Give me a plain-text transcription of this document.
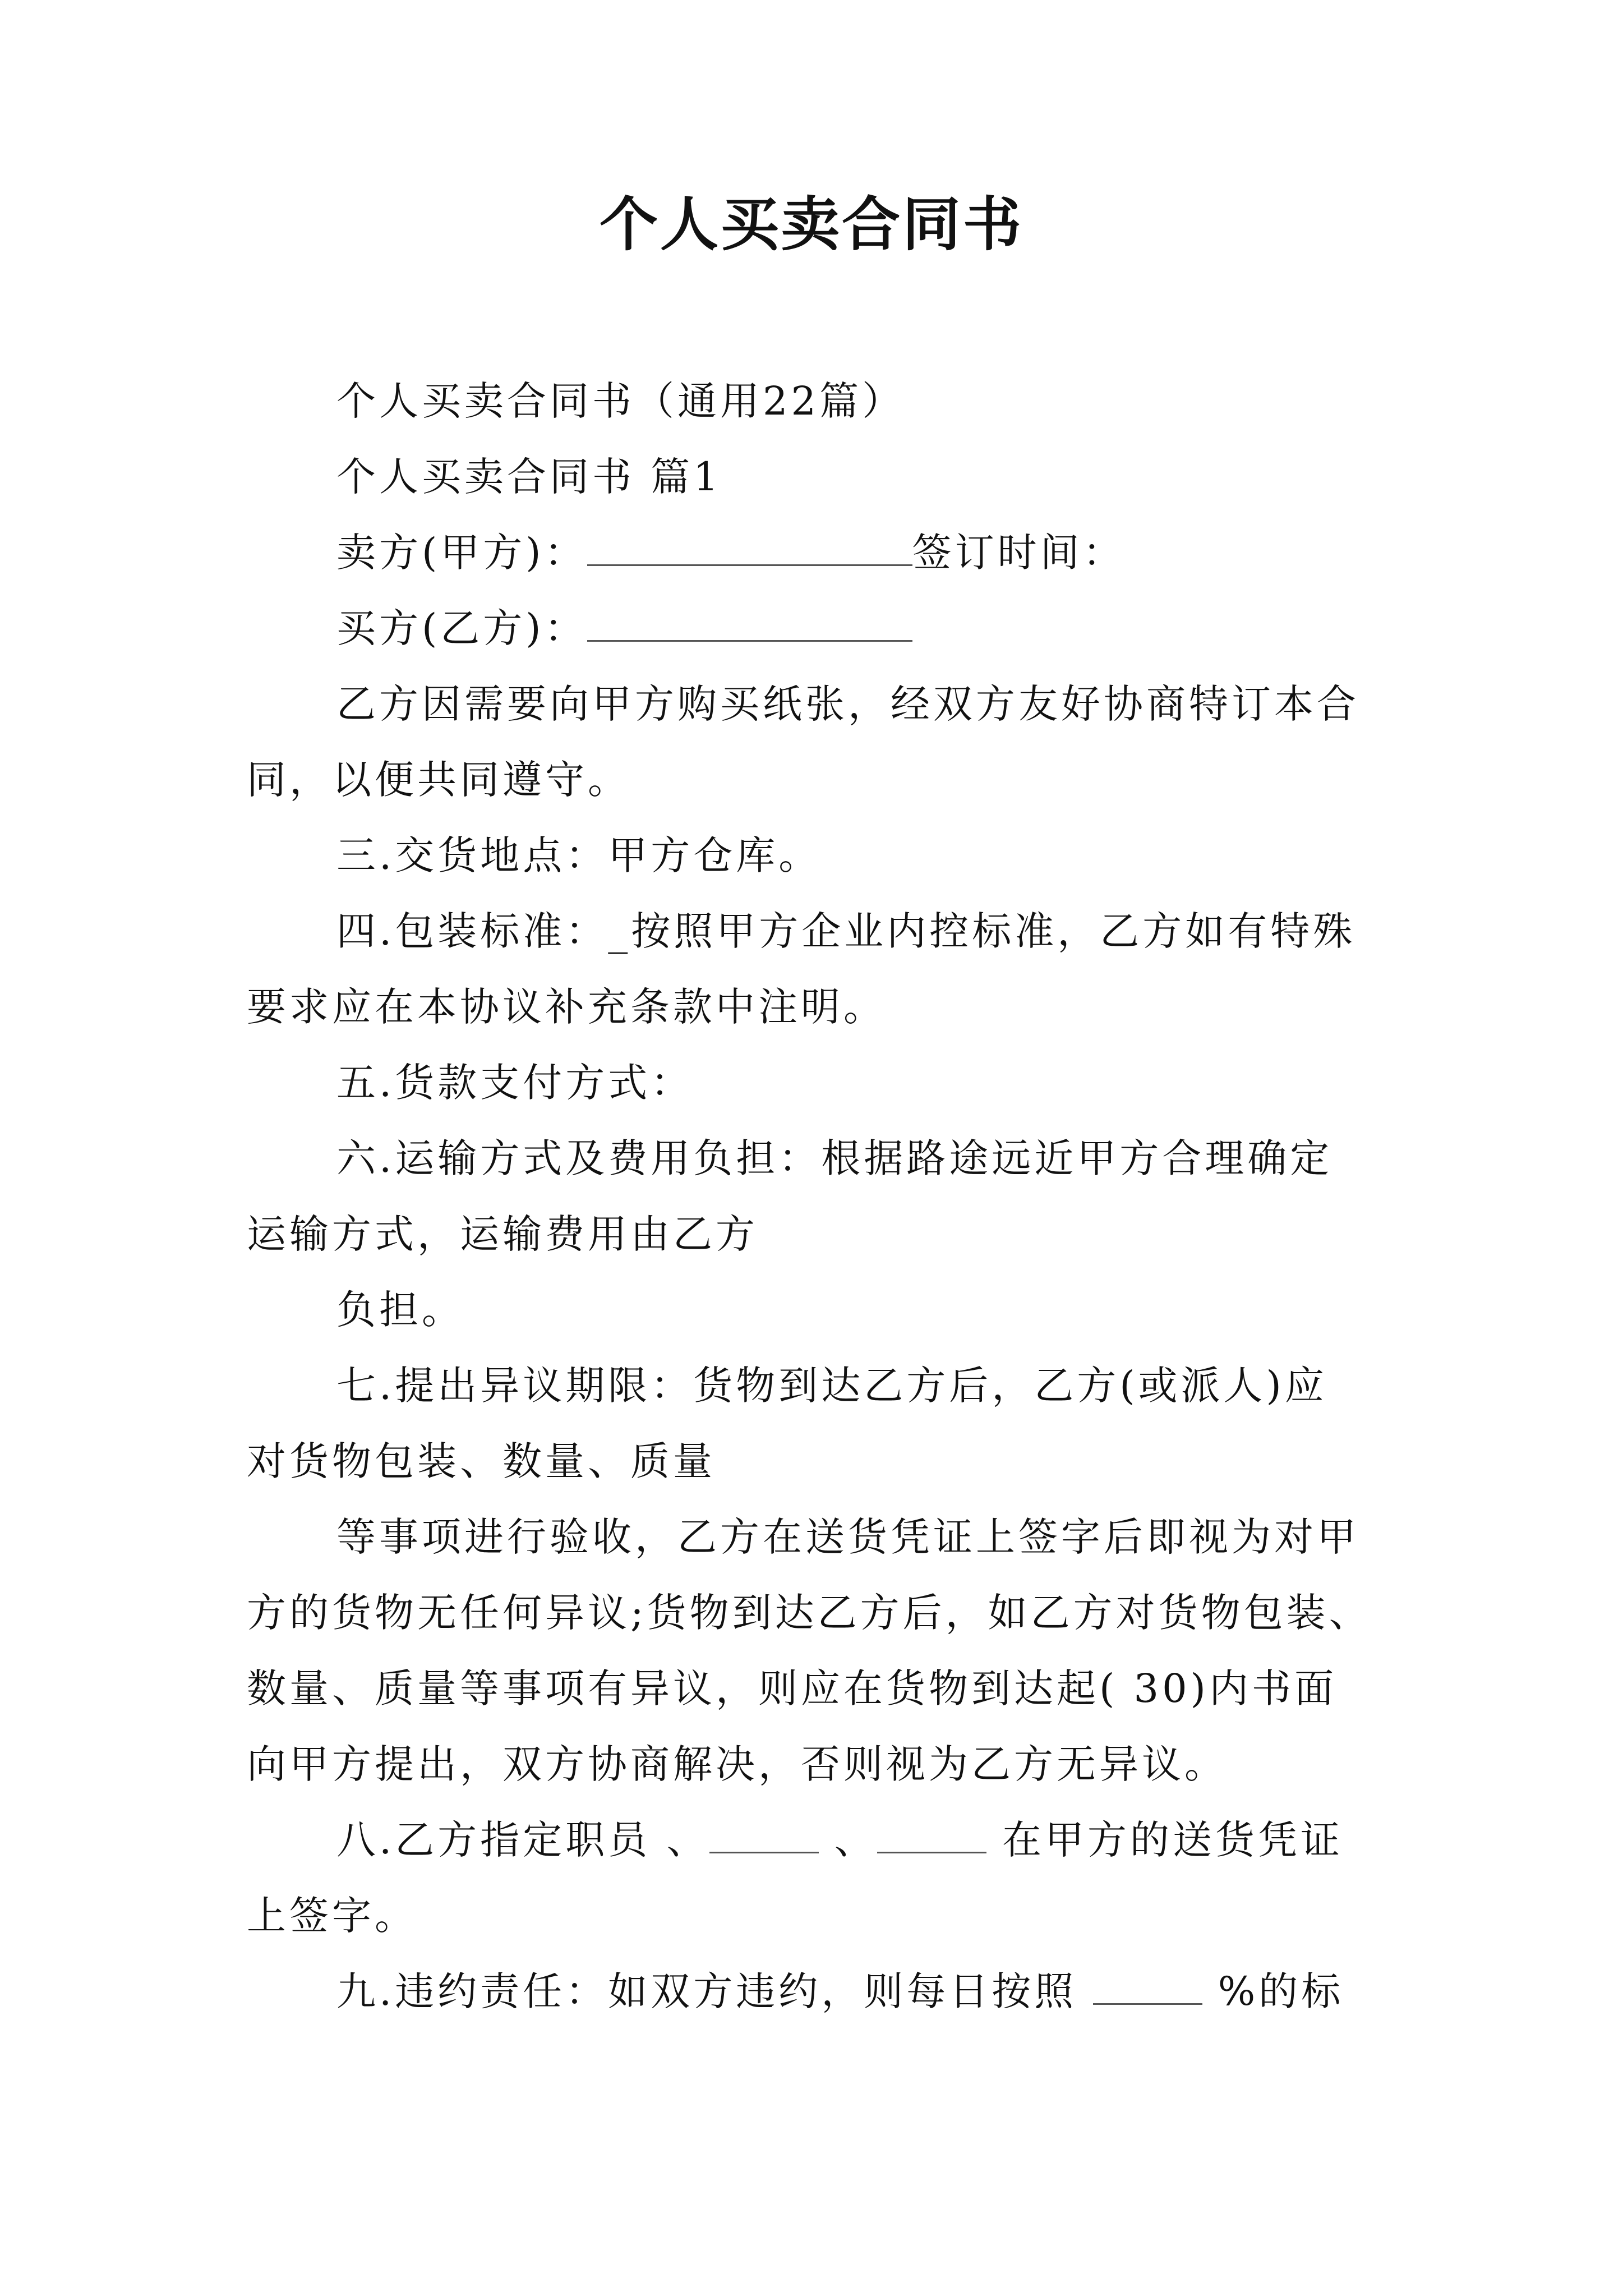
个人买卖合同书
个人买卖合同书（通用22篇）
个人买卖合同书 篇1
卖方(甲方)：	签订时间：
买方(乙方)：
乙方因需要向甲方购买纸张，经双方友好协商特订本合
同，以便共同遵守。
三.交货地点：甲方仓库。
四.包装标准：_按照甲方企业内控标准，乙方如有特殊
要求应在本协议补充条款中注明。
五.货款支付方式：
六.运输方式及费用负担：根据路途远近甲方合理确定
运输方式，运输费用由乙方
负担。
七.提出异议期限：货物到达乙方后，乙方(或派人)应
对货物包装、数量、质量
等事项进行验收，乙方在送货凭证上签字后即视为对甲
方的货物无任何异议;货物到达乙方后，如乙方对货物包装、
数量、质量等事项有异议，则应在货物到达起( 30)内书面
向甲方提出，双方协商解决，否则视为乙方无异议。
八.乙方指定职员 、	、	在甲方的送货凭证
上签字。
九.违约责任：如双方违约，则每日按照	%的标
